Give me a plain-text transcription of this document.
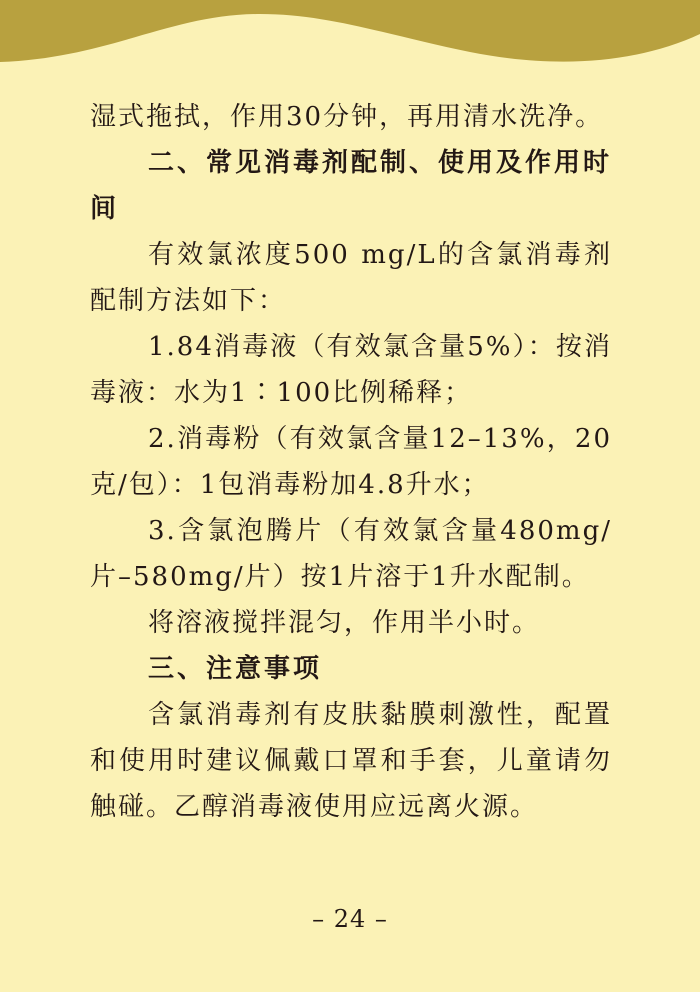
湿式拖拭，作用30分钟，再用清水洗净。

二、常见消毒剂配制、使用及作用时间

有效氯浓度500 mg/L的含氯消毒剂配制方法如下：

1.84消毒液（有效氯含量5%）：按消毒液：水为1∶100比例稀释；

2.消毒粉（有效氯含量12–13%，20克/包）：1包消毒粉加4.8升水；

3.含氯泡腾片（有效氯含量480mg/片–580mg/片）按1片溶于1升水配制。

将溶液搅拌混匀，作用半小时。

三、注意事项

含氯消毒剂有皮肤黏膜刺激性，配置和使用时建议佩戴口罩和手套，儿童请勿触碰。乙醇消毒液使用应远离火源。

– 24 –
